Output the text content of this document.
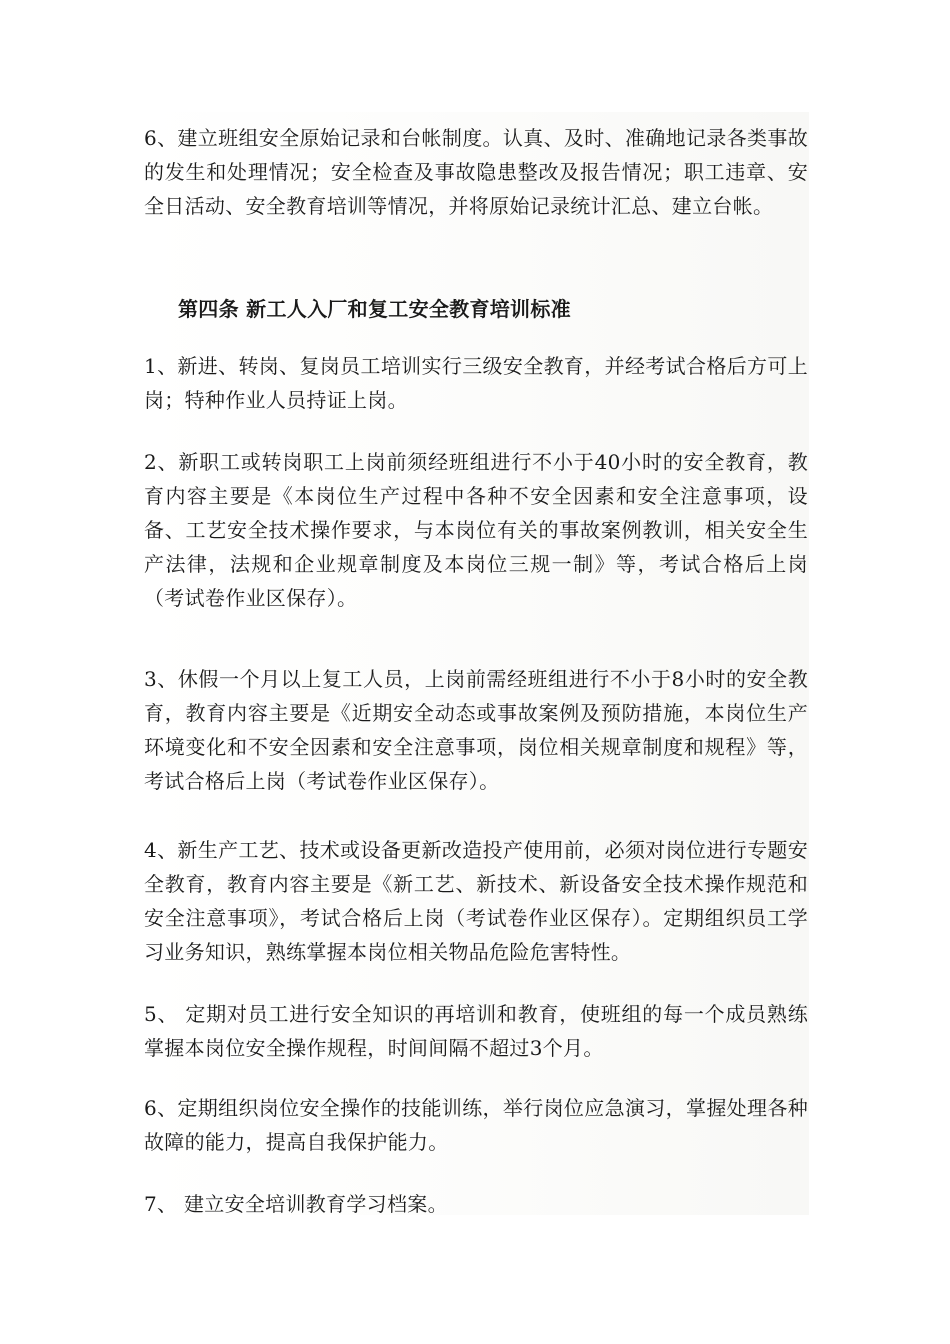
6、建立班组安全原始记录和台帐制度。认真、及时、准确地记录各类事故的发生和处理情况；安全检查及事故隐患整改及报告情况；职工违章、安全日活动、安全教育培训等情况，并将原始记录统计汇总、建立台帐。

第四条 新工人入厂和复工安全教育培训标准

1、新进、转岗、复岗员工培训实行三级安全教育，并经考试合格后方可上岗；特种作业人员持证上岗。

2、新职工或转岗职工上岗前须经班组进行不小于40小时的安全教育，教育内容主要是《本岗位生产过程中各种不安全因素和安全注意事项，设备、工艺安全技术操作要求，与本岗位有关的事故案例教训，相关安全生产法律，法规和企业规章制度及本岗位三规一制》等，考试合格后上岗（考试卷作业区保存）。

3、休假一个月以上复工人员，上岗前需经班组进行不小于8小时的安全教育，教育内容主要是《近期安全动态或事故案例及预防措施，本岗位生产环境变化和不安全因素和安全注意事项，岗位相关规章制度和规程》等，考试合格后上岗（考试卷作业区保存）。

4、新生产工艺、技术或设备更新改造投产使用前，必须对岗位进行专题安全教育，教育内容主要是《新工艺、新技术、新设备安全技术操作规范和安全注意事项》，考试合格后上岗（考试卷作业区保存）。定期组织员工学习业务知识，熟练掌握本岗位相关物品危险危害特性。

5、 定期对员工进行安全知识的再培训和教育，使班组的每一个成员熟练掌握本岗位安全操作规程，时间间隔不超过3个月。

6、定期组织岗位安全操作的技能训练，举行岗位应急演习，掌握处理各种故障的能力，提高自我保护能力。

7、 建立安全培训教育学习档案。
